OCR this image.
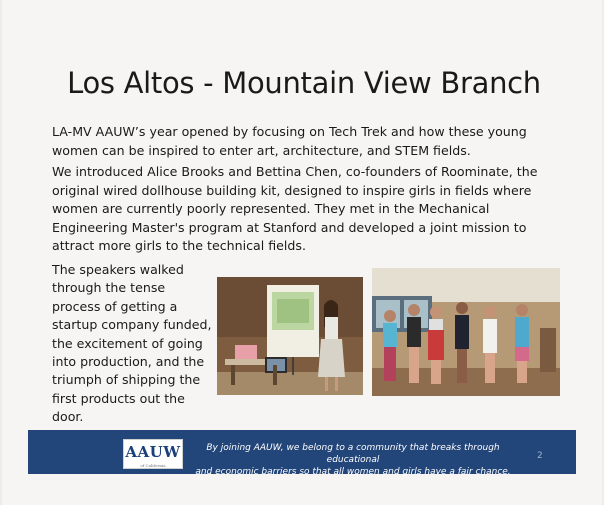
Los Altos - Mountain View Branch
LA-MV AAUW’s year opened by focusing on Tech Trek and how these young women can be inspired to enter art, architecture, and STEM fields.
We introduced Alice Brooks and Bettina Chen, co-founders of Roominate, the original wired dollhouse building kit, designed to inspire girls in fields where women are currently poorly represented. They met in the Mechanical Engineering Master's program at Stanford and developed a joint mission to attract more girls to the technical fields.
The speakers walked through the tense process of getting a startup company funded, the excitement of going into production, and the triumph of shipping the first products out the door.
AAUW
of California
By joining AAUW, we belong to a community that breaks through educational
and economic barriers so that all women and girls have a fair chance.
2
